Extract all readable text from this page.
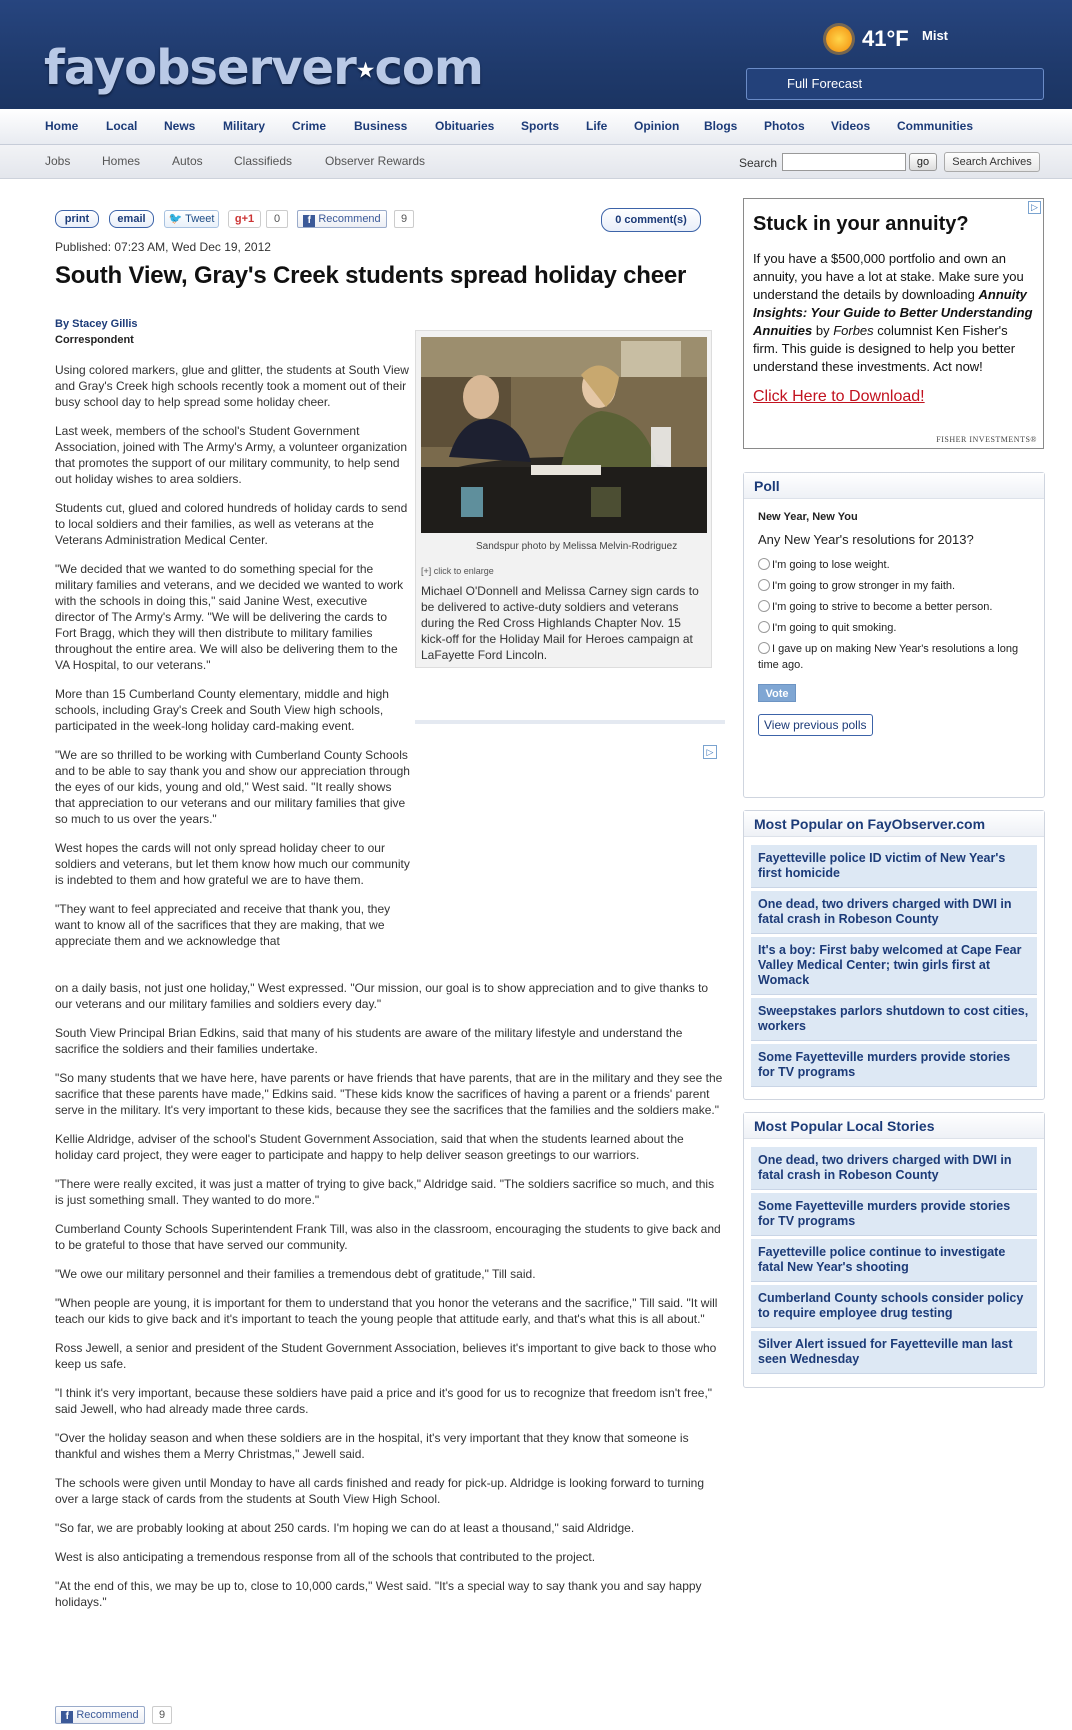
fayobserver★com
41°F Mist
Full Forecast
Home Local News Military Crime Business Obituaries Sports Life Opinion Blogs Photos Videos Communities
Jobs	Homes	Autos	Classifieds	Observer Rewards	Search	go	Search Archives
print	email	🐦 Tweet	g+1	0	f Recommend	9	0 comment(s)
Published: 07:23 AM, Wed Dec 19, 2012
South View, Gray's Creek students spread holiday cheer
By Stacey Gillis
Correspondent
Sandspur photo by Melissa Melvin-Rodriguez
[+] click to enlarge
Michael O'Donnell and Melissa Carney sign cards to be delivered to active-duty soldiers and veterans during the Red Cross Highlands Chapter Nov. 15 kick-off for the Holiday Mail for Heroes campaign at LaFayette Ford Lincoln.
▷

Using colored markers, glue and glitter, the students at South View and Gray's Creek high schools recently took a moment out of their busy school day to help spread some holiday cheer.

Last week, members of the school's Student Government Association, joined with The Army's Army, a volunteer organization that promotes the support of our military community, to help send out holiday wishes to area soldiers.

Students cut, glued and colored hundreds of holiday cards to send to local soldiers and their families, as well as veterans at the Veterans Administration Medical Center.

"We decided that we wanted to do something special for the military families and veterans, and we decided we wanted to work with the schools in doing this," said Janine West, executive director of The Army's Army. "We will be delivering the cards to Fort Bragg, which they will then distribute to military families throughout the entire area. We will also be delivering them to the VA Hospital, to our veterans."

More than 15 Cumberland County elementary, middle and high schools, including Gray's Creek and South View high schools, participated in the week-long holiday card-making event.

"We are so thrilled to be working with Cumberland County Schools and to be able to say thank you and show our appreciation through the eyes of our kids, young and old," West said. "It really shows that appreciation to our veterans and our military families that give so much to us over the years."

West hopes the cards will not only spread holiday cheer to our soldiers and veterans, but let them know how much our community is indebted to them and how grateful we are to have them.

"They want to feel appreciated and receive that thank you, they want to know all of the sacrifices that they are making, that we appreciate them and we acknowledge that

on a daily basis, not just one holiday," West expressed. "Our mission, our goal is to show appreciation and to give thanks to our veterans and our military families and soldiers every day."

South View Principal Brian Edkins, said that many of his students are aware of the military lifestyle and understand the sacrifice the soldiers and their families undertake.

"So many students that we have here, have parents or have friends that have parents, that are in the military and they see the sacrifice that these parents have made," Edkins said. "These kids know the sacrifices of having a parent or a friends' parent serve in the military. It's very important to these kids, because they see the sacrifices that the families and the soldiers make."

Kellie Aldridge, adviser of the school's Student Government Association, said that when the students learned about the holiday card project, they were eager to participate and happy to help deliver season greetings to our warriors.

"There were really excited, it was just a matter of trying to give back," Aldridge said. "The soldiers sacrifice so much, and this is just something small. They wanted to do more."

Cumberland County Schools Superintendent Frank Till, was also in the classroom, encouraging the students to give back and to be grateful to those that have served our community.

"We owe our military personnel and their families a tremendous debt of gratitude," Till said.

"When people are young, it is important for them to understand that you honor the veterans and the sacrifice," Till said. "It will teach our kids to give back and it's important to teach the young people that attitude early, and that's what this is all about."

Ross Jewell, a senior and president of the Student Government Association, believes it's important to give back to those who keep us safe.

"I think it's very important, because these soldiers have paid a price and it's good for us to recognize that freedom isn't free," said Jewell, who had already made three cards.

"Over the holiday season and when these soldiers are in the hospital, it's very important that they know that someone is thankful and wishes them a Merry Christmas," Jewell said.

The schools were given until Monday to have all cards finished and ready for pick-up. Aldridge is looking forward to turning over a large stack of cards from the students at South View High School.

"So far, we are probably looking at about 250 cards. I'm hoping we can do at least a thousand," said Aldridge.

West is also anticipating a tremendous response from all of the schools that contributed to the project.

"At the end of this, we may be up to, close to 10,000 cards," West said. "It's a special way to say thank you and say happy holidays."

f Recommend	9
▷
Stuck in your annuity?
If you have a $500,000 portfolio and own an annuity, you have a lot at stake. Make sure you understand the details by downloading Annuity Insights: Your Guide to Better Understanding Annuities by Forbes columnist Ken Fisher's firm. This guide is designed to help you better understand these investments. Act now!
Click Here to Download!
FISHER INVESTMENTS®
Poll
New Year, New You
Any New Year's resolutions for 2013?
I'm going to lose weight.
I'm going to grow stronger in my faith.
I'm going to strive to become a better person.
I'm going to quit smoking.
I gave up on making New Year's resolutions a long time ago.
Vote
View previous polls
Most Popular on FayObserver.com
Fayetteville police ID victim of New Year's first homicide
One dead, two drivers charged with DWI in fatal crash in Robeson County
It's a boy: First baby welcomed at Cape Fear Valley Medical Center; twin girls first at Womack
Sweepstakes parlors shutdown to cost cities, workers
Some Fayetteville murders provide stories for TV programs
Most Popular Local Stories
One dead, two drivers charged with DWI in fatal crash in Robeson County
Some Fayetteville murders provide stories for TV programs
Fayetteville police continue to investigate fatal New Year's shooting
Cumberland County schools consider policy to require employee drug testing
Silver Alert issued for Fayetteville man last seen Wednesday
